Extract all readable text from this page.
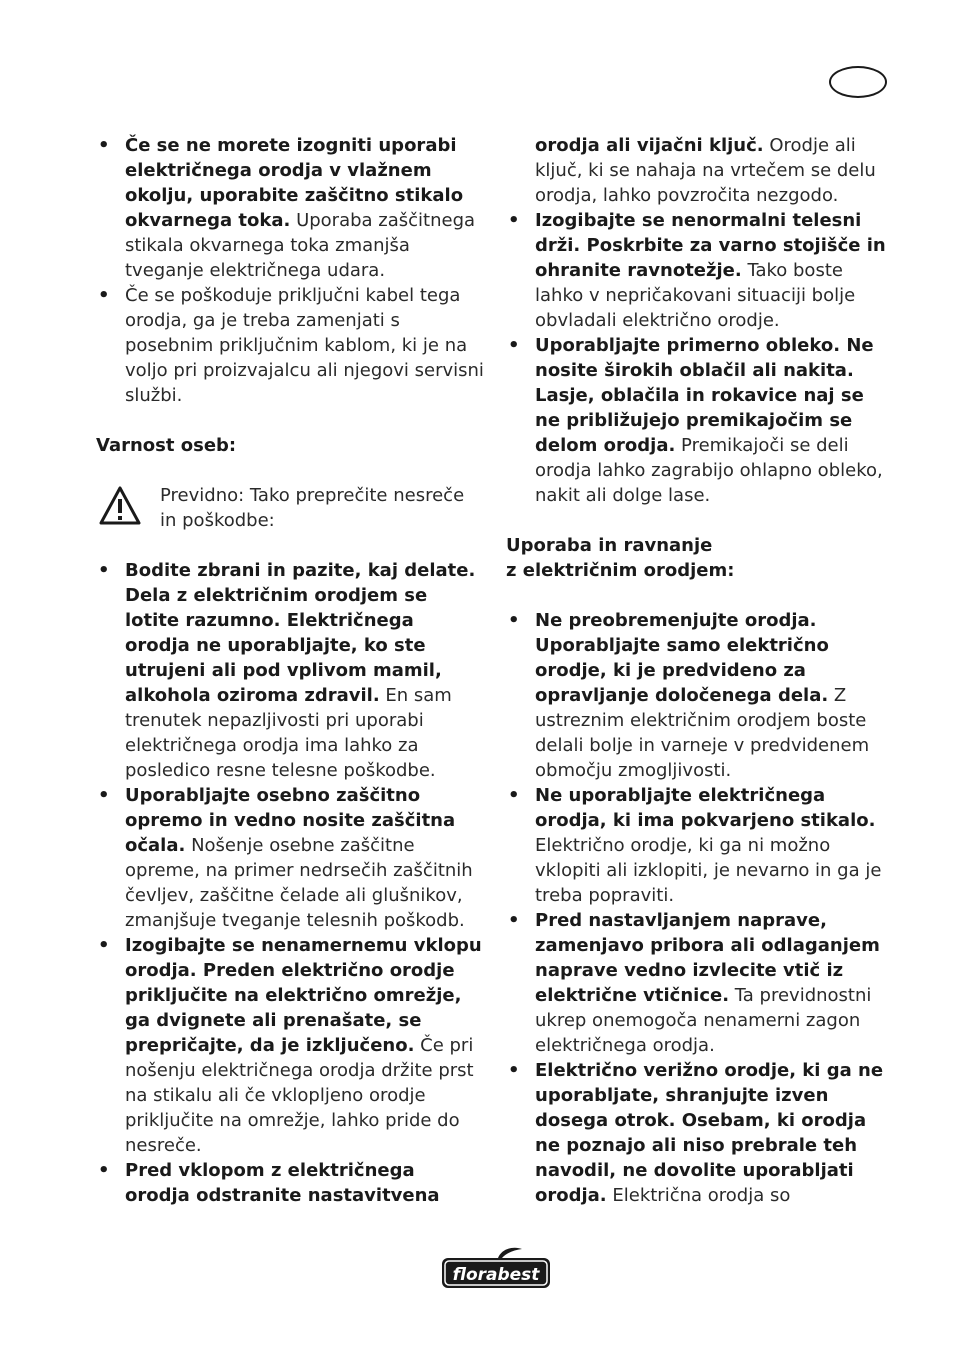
• Če se ne morete izogniti uporabi električnega orodja v vlažnem okolju, uporabite zaščitno stikalo okvarnega toka. Uporaba zaščitnega stikala okvarnega toka zmanjša tveganje električnega udara.
• Če se poškoduje priključni kabel tega orodja, ga je treba zamenjati s posebnim priključnim kablom, ki je na voljo pri proizvajalcu ali njegovi servisni službi.

Varnost oseb:

Previdno: Tako preprečite nesreče in poškodbe:
• Bodite zbrani in pazite, kaj delate. Dela z električnim orodjem se lotite razumno. Električnega orodja ne uporabljajte, ko ste utrujeni ali pod vplivom mamil, alkohola oziroma zdravil. En sam trenutek nepazljivosti pri uporabi električnega orodja ima lahko za posledico resne telesne poškodbe.
• Uporabljajte osebno zaščitno opremo in vedno nosite zaščitna očala. Nošenje osebne zaščitne opreme, na primer nedrsečih zaščitnih čevljev, zaščitne čelade ali glušnikov, zmanjšuje tveganje telesnih poškodb.
• Izogibajte se nenamernemu vklopu orodja. Preden električno orodje priključite na električno omrežje, ga dvignete ali prenašate, se prepričajte, da je izključeno. Če pri nošenju električnega orodja držite prst na stikalu ali če vklopljeno orodje priključite na omrežje, lahko pride do nesreče.
• Pred vklopom z električnega orodja odstranite nastavitvena
orodja ali vijačni ključ. Orodje ali ključ, ki se nahaja na vrtečem se delu orodja, lahko povzročita nezgodo.
• Izogibajte se nenormalni telesni drži. Poskrbite za varno stojišče in ohranite ravnotežje. Tako boste lahko v nepričakovani situaciji bolje obvladali električno orodje.
• Uporabljajte primerno obleko. Ne nosite širokih oblačil ali nakita. Lasje, oblačila in rokavice naj se ne približujejo premikajočim se delom orodja. Premikajoči se deli orodja lahko zagrabijo ohlapno obleko, nakit ali dolge lase.

Uporaba in ravnanje
z električnim orodjem:

• Ne preobremenjujte orodja. Uporabljajte samo električno orodje, ki je predvideno za opravljanje določenega dela. Z ustreznim električnim orodjem boste delali bolje in varneje v predvidenem območju zmogljivosti.
• Ne uporabljajte električnega orodja, ki ima pokvarjeno stikalo. Električno orodje, ki ga ni možno vklopiti ali izklopiti, je nevarno in ga je treba popraviti.
• Pred nastavljanjem naprave, zamenjavo pribora ali odlaganjem naprave vedno izvlecite vtič iz električne vtičnice. Ta previdnostni ukrep onemogoča nenamerni zagon električnega orodja.
• Električno verižno orodje, ki ga ne uporabljate, shranjujte izven dosega otrok. Osebam, ki orodja ne poznajo ali niso prebrale teh navodil, ne dovolite uporabljati orodja. Električna orodja so
florabest
